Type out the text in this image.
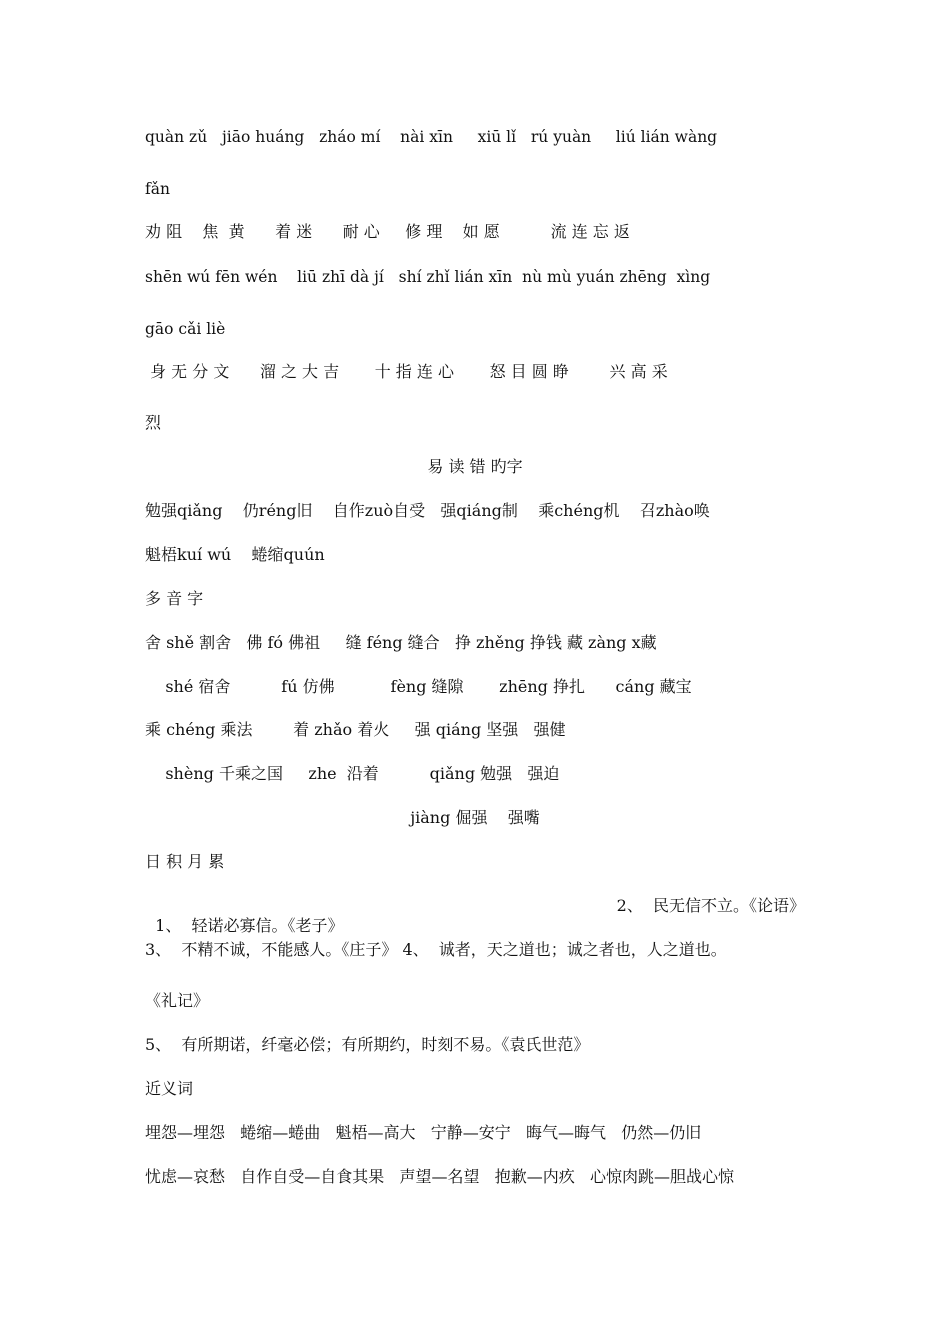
quàn zǔ   jiāo huáng   zháo mí    nài xīn     xiū lǐ   rú yuàn     liú lián wàng
fǎn
劝 阻    焦  黄      着 迷      耐 心     修 理    如 愿          流 连 忘 返
shēn wú fēn wén    liū zhī dà jí   shí zhǐ lián xīn  nù mù yuán zhēng  xìng
gāo cǎi liè
身 无 分 文      溜 之 大 吉       十 指 连 心       怒 目 圆 睁        兴 高 采
烈
易 读 错 旳字
勉强qiǎng    仍réng旧    自作zuò自受   强qiáng制    乘chéng机    召zhào唤
魁梧kuí wú    蜷缩quún
多 音 字
舍 shě 割舍   佛 fó 佛祖     缝 féng 缝合   挣 zhěng 挣钱 藏 zàng x藏
shé 宿舍          fú 仿佛           fèng 缝隙       zhēng 挣扎      cáng 藏宝
乘 chéng 乘法        着 zhǎo 着火     强 qiáng 坚强   强健
shèng 千乘之国     zhe  沿着          qiǎng 勉强   强迫
jiàng 倔强    强嘴
日 积 月 累

1、  轻诺必寡信。《老子》

2、  民无信不立。《论语》

3、  不精不诚，不能感人。《庄子》 4、  诚者，天之道也；诚之者也，人之道也。
《礼记》
5、  有所期诺，纤毫必偿；有所期约，时刻不易。《袁氏世范》
近义词
埋怨—埋怨   蜷缩—蜷曲   魁梧—高大   宁静—安宁   晦气—晦气   仍然—仍旧
忧虑—哀愁   自作自受—自食其果   声望—名望   抱歉—内疚   心惊肉跳—胆战心惊
